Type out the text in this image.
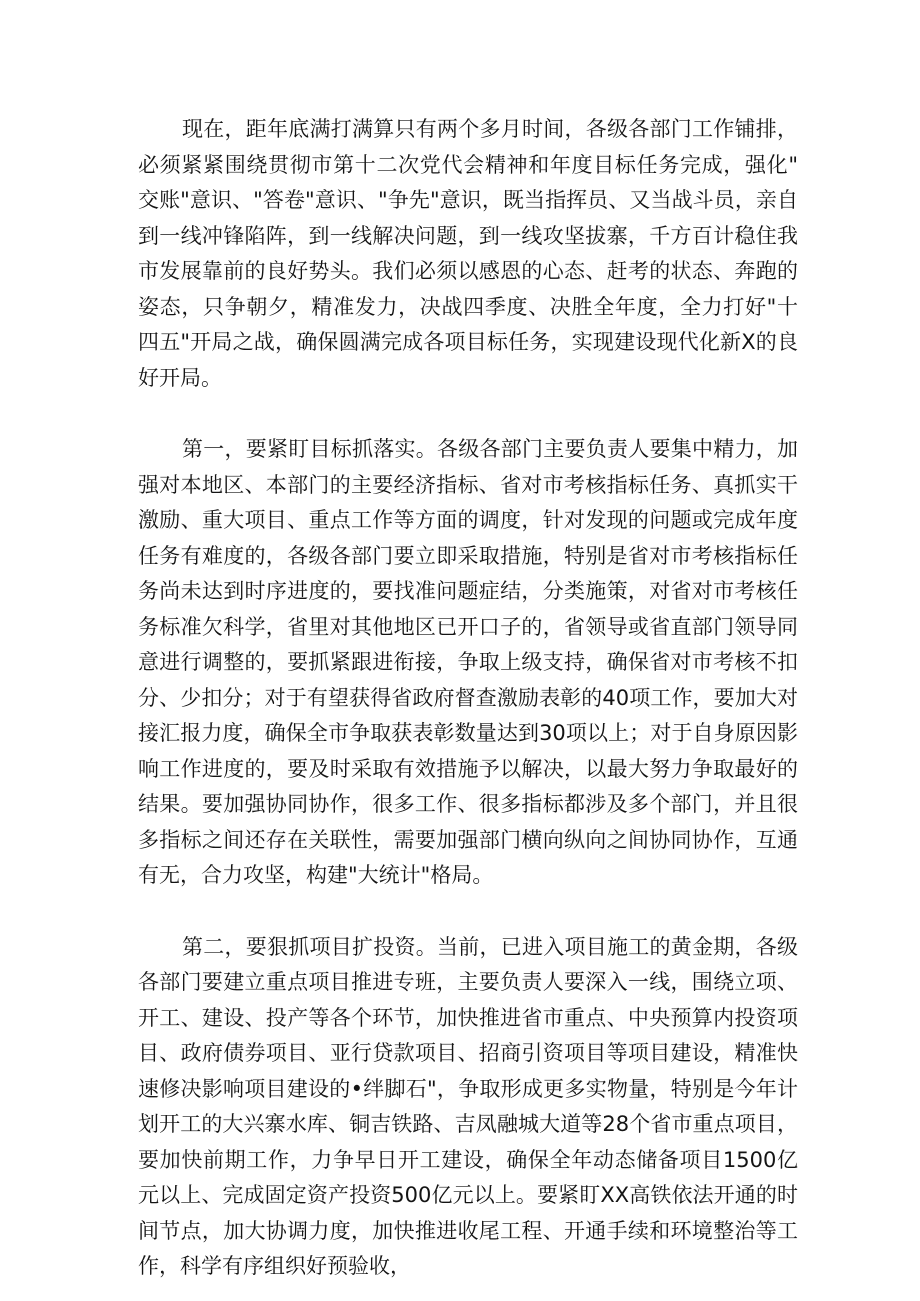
现在，距年底满打满算只有两个多月时间，各级各部门工作铺排，必须紧紧围绕贯彻市第十二次党代会精神和年度目标任务完成，强化"交账"意识、"答卷"意识、"争先"意识，既当指挥员、又当战斗员，亲自到一线冲锋陷阵，到一线解决问题，到一线攻坚拔寨，千方百计稳住我市发展靠前的良好势头。我们必须以感恩的心态、赶考的状态、奔跑的姿态，只争朝夕，精准发力，决战四季度、决胜全年度，全力打好"十四五"开局之战，确保圆满完成各项目标任务，实现建设现代化新X的良好开局。

第一，要紧盯目标抓落实。各级各部门主要负责人要集中精力，加强对本地区、本部门的主要经济指标、省对市考核指标任务、真抓实干激励、重大项目、重点工作等方面的调度，针对发现的问题或完成年度任务有难度的，各级各部门要立即采取措施，特别是省对市考核指标任务尚未达到时序进度的，要找准问题症结，分类施策，对省对市考核任务标准欠科学，省里对其他地区已开口子的，省领导或省直部门领导同意进行调整的，要抓紧跟进衔接，争取上级支持，确保省对市考核不扣分、少扣分；对于有望获得省政府督查激励表彰的40项工作，要加大对接汇报力度，确保全市争取获表彰数量达到30项以上；对于自身原因影响工作进度的，要及时采取有效措施予以解决，以最大努力争取最好的结果。要加强协同协作，很多工作、很多指标都涉及多个部门，并且很多指标之间还存在关联性，需要加强部门横向纵向之间协同协作，互通有无，合力攻坚，构建"大统计"格局。

第二，要狠抓项目扩投资。当前，已进入项目施工的黄金期，各级各部门要建立重点项目推进专班，主要负责人要深入一线，围绕立项、开工、建设、投产等各个环节，加快推进省市重点、中央预算内投资项目、政府债券项目、亚行贷款项目、招商引资项目等项目建设，精准快速修决影响项目建设的•绊脚石"，争取形成更多实物量，特别是今年计划开工的大兴寨水库、铜吉铁路、吉凤融城大道等28个省市重点项目，要加快前期工作，力争早日开工建设，确保全年动态储备项目1500亿元以上、完成固定资产投资500亿元以上。要紧盯XX高铁依法开通的时间节点，加大协调力度，加快推进收尾工程、开通手续和环境整治等工作，科学有序组织好预验收，
